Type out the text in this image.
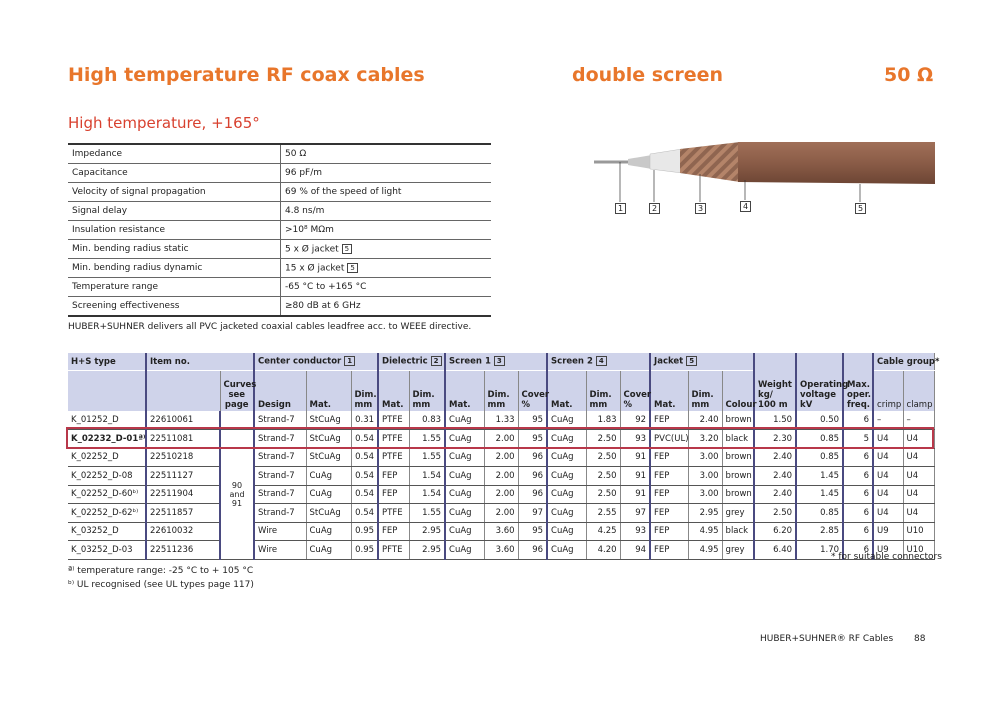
High temperature RF coax cables	double screen	50 Ω
High temperature, +165°
Impedance	50 Ω
Capacitance	96 pF/m
Velocity of signal propagation	69 % of the speed of light
Signal delay	4.8 ns/m
Insulation resistance	>10⁸ MΩm
Min. bending radius static	5 x Ø jacket 5
Min. bending radius dynamic	15 x Ø jacket 5
Temperature range	-65 °C to +165 °C
Screening effectiveness	≥80 dB at 6 GHz
HUBER+SUHNER delivers all PVC jacketed coaxial cables leadfree acc. to WEEE directive.
1	2	3	4	5
H+S type	Item no.		Center conductor 1			Dielectric 2		Screen 1 3			Screen 2 4			Jacket 5			Weight kg/ 100 m	Operating voltage kV	Max. oper. freq.	Cable group*	
		Curves see page	Design	Mat.	Dim. mm	Mat.	Dim. mm	Mat.	Dim. mm	Cover %	Mat.	Dim. mm	Cover %	Mat.	Dim. mm	Colour				crimp	clamp
K_01252_D	22610061		Strand-7	StCuAg	0.31	PTFE	0.83	CuAg	1.33	95	CuAg	1.83	92	FEP	2.40	brown	1.50	0.50	6	–	–
K_02232_D-01ª⁾	22511081	90 and 91	Strand-7	StCuAg	0.54	PTFE	1.55	CuAg	2.00	95	CuAg	2.50	93	PVC(UL)	3.20	black	2.30	0.85	5	U4	U4
K_02252_D	22510218		Strand-7	StCuAg	0.54	PTFE	1.55	CuAg	2.00	96	CuAg	2.50	91	FEP	3.00	brown	2.40	0.85	6	U4	U4
K_02252_D-08	22511127		Strand-7	CuAg	0.54	FEP	1.54	CuAg	2.00	96	CuAg	2.50	91	FEP	3.00	brown	2.40	1.45	6	U4	U4
K_02252_D-60ᵇ⁾	22511904		Strand-7	CuAg	0.54	FEP	1.54	CuAg	2.00	96	CuAg	2.50	91	FEP	3.00	brown	2.40	1.45	6	U4	U4
K_02252_D-62ᵇ⁾	22511857		Strand-7	StCuAg	0.54	PTFE	1.55	CuAg	2.00	97	CuAg	2.55	97	FEP	2.95	grey	2.50	0.85	6	U4	U4
K_03252_D	22610032		Wire	CuAg	0.95	FEP	2.95	CuAg	3.60	95	CuAg	4.25	93	FEP	4.95	black	6.20	2.85	6	U9	U10
K_03252_D-03	22511236		Wire	CuAg	0.95	PFTE	2.95	CuAg	3.60	96	CuAg	4.20	94	FEP	4.95	grey	6.40	1.70	6	U9	U10
* for suitable connectors
ª⁾ temperature range: -25 °C to + 105 °C
ᵇ⁾ UL recognised (see UL types page 117)
HUBER+SUHNER® RF Cables 88
